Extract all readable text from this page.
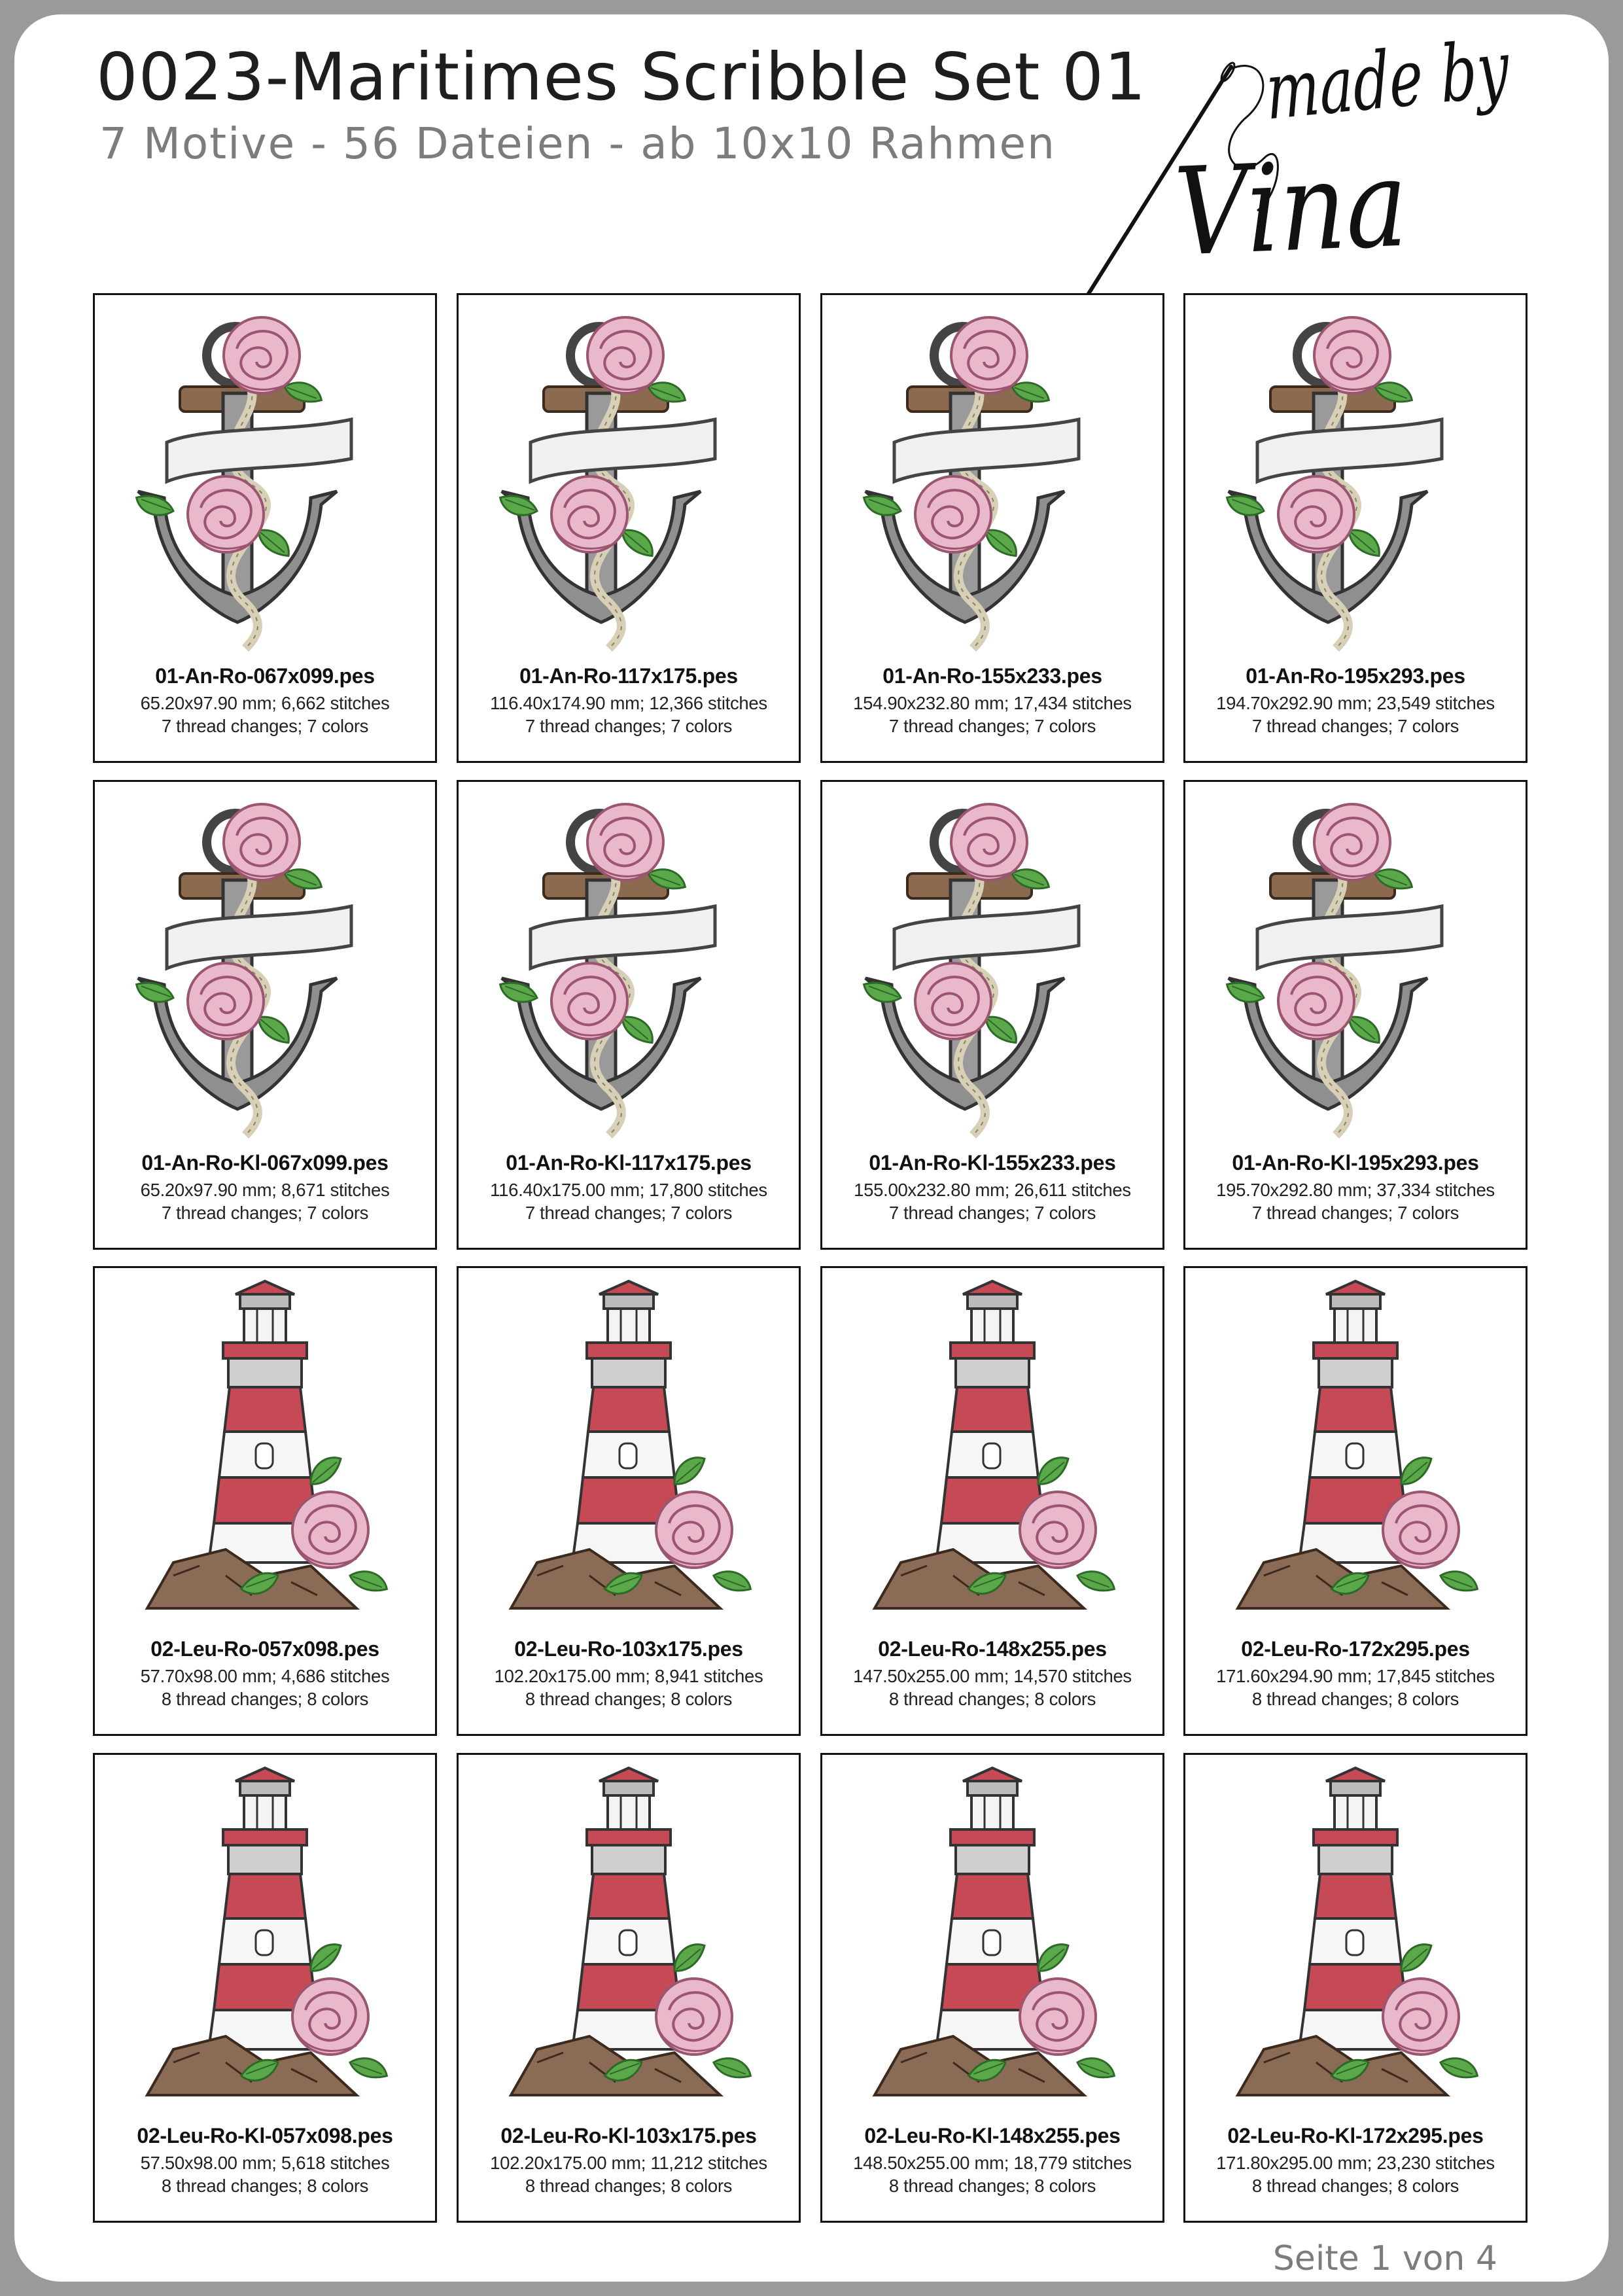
0023-Maritimes Scribble Set 01
7 Motive - 56 Dateien - ab 10x10 Rahmen
made by
Vina
01-An-Ro-067x099.pes
65.20x97.90 mm; 6,662 stitches
7 thread changes; 7 colors
01-An-Ro-117x175.pes
116.40x174.90 mm; 12,366 stitches
7 thread changes; 7 colors
01-An-Ro-155x233.pes
154.90x232.80 mm; 17,434 stitches
7 thread changes; 7 colors
01-An-Ro-195x293.pes
194.70x292.90 mm; 23,549 stitches
7 thread changes; 7 colors
01-An-Ro-Kl-067x099.pes
65.20x97.90 mm; 8,671 stitches
7 thread changes; 7 colors
01-An-Ro-Kl-117x175.pes
116.40x175.00 mm; 17,800 stitches
7 thread changes; 7 colors
01-An-Ro-Kl-155x233.pes
155.00x232.80 mm; 26,611 stitches
7 thread changes; 7 colors
01-An-Ro-Kl-195x293.pes
195.70x292.80 mm; 37,334 stitches
7 thread changes; 7 colors
02-Leu-Ro-057x098.pes
57.70x98.00 mm; 4,686 stitches
8 thread changes; 8 colors
02-Leu-Ro-103x175.pes
102.20x175.00 mm; 8,941 stitches
8 thread changes; 8 colors
02-Leu-Ro-148x255.pes
147.50x255.00 mm; 14,570 stitches
8 thread changes; 8 colors
02-Leu-Ro-172x295.pes
171.60x294.90 mm; 17,845 stitches
8 thread changes; 8 colors
02-Leu-Ro-Kl-057x098.pes
57.50x98.00 mm; 5,618 stitches
8 thread changes; 8 colors
02-Leu-Ro-Kl-103x175.pes
102.20x175.00 mm; 11,212 stitches
8 thread changes; 8 colors
02-Leu-Ro-Kl-148x255.pes
148.50x255.00 mm; 18,779 stitches
8 thread changes; 8 colors
02-Leu-Ro-Kl-172x295.pes
171.80x295.00 mm; 23,230 stitches
8 thread changes; 8 colors
Seite 1 von 4
